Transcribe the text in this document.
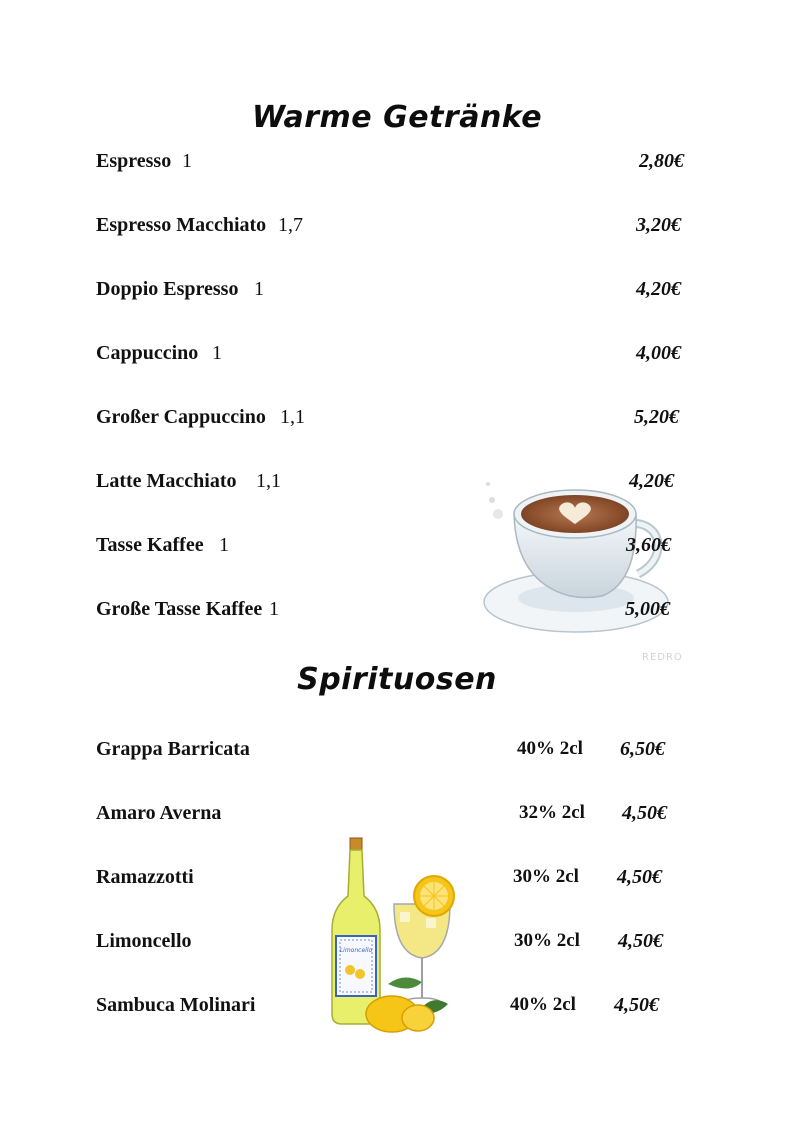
Warme Getränke
Espresso 1	2,80€
Espresso Macchiato 1,7	3,20€
Doppio Espresso 1	4,20€
Cappuccino 1	4,00€
Großer Cappuccino 1,1	5,20€
Latte Macchiato 1,1	4,20€
REDRO
Tasse Kaffee 1	3,60€
Große Tasse Kaffee 1	5,00€
Spirituosen
Grappa Barricata	40% 2cl 6,50€
Amaro Averna	32% 2cl 4,50€
Limoncello
Ramazzotti	30% 2cl 4,50€
Limoncello	30% 2cl 4,50€
Sambuca Molinari	40% 2cl 4,50€
